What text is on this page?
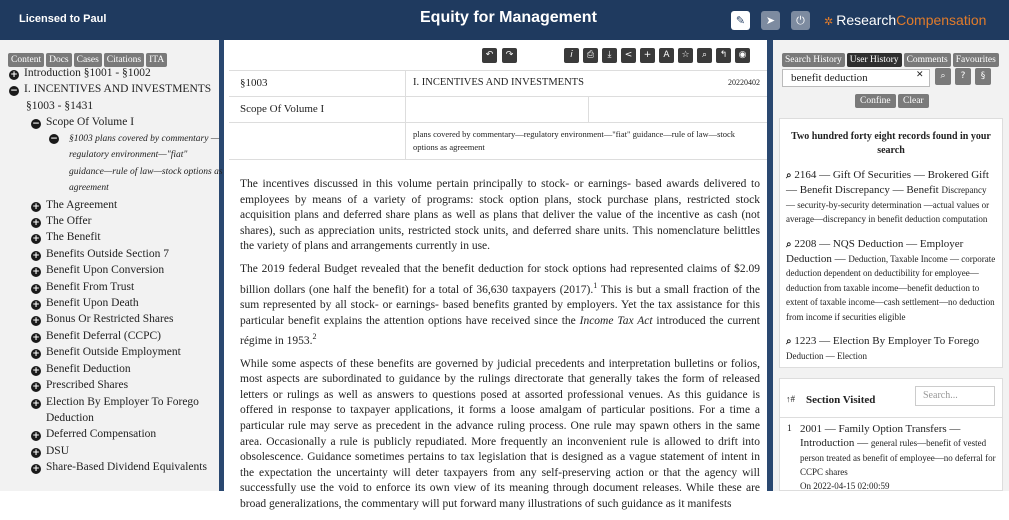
Licensed to Paul	Equity for Management	✎	➤	⏻	✲ ResearchCompensation
Content Docs Cases Citations ITA
+ Introduction §1001 - §1002
− I. INCENTIVES AND INVESTMENTS
§1003 - §1431
− Scope Of Volume I
−	§1003 plans covered by commentary —regulatory environment—"fiat" guidance—rule of law—stock options as agreement
+ The Agreement
+ The Offer
+ The Benefit
+ Benefits Outside Section 7
+ Benefit Upon Conversion
+ Benefit From Trust
+ Benefit Upon Death
+ Bonus Or Restricted Shares
+ Benefit Deferral (CCPC)
+ Benefit Outside Employment
+ Benefit Deduction
+ Prescribed Shares
+ Election By Employer To Forego Deduction
+ Deferred Compensation
+ DSU
+ Share-Based Dividend Equivalents
↶	↷	i	⎙	⤓	<	+	A	☆	⌕	↰	◉
§1003	I. INCENTIVES AND INVESTMENTS	20220402
Scope Of Volume I
plans covered by commentary—regulatory environment—"fiat" guidance—rule of law—stock options as agreement

The incentives discussed in this volume pertain principally to stock- or earnings- based awards delivered to employees by means of a variety of programs: stock option plans, stock purchase plans, restricted stock acquisition plans and deferred share plans as well as plans that deliver the value of the incentive as cash (not shares), such as appreciation units, restricted stock units, and deferred share units. This nomenclature belittles the variety of plans and arrangements currently in use.

The 2019 federal Budget revealed that the benefit deduction for stock options had represented claims of $2.09 billion dollars (one half the benefit) for a total of 36,630 taxpayers (2017).$^1$ This is but a small fraction of the sum represented by all stock- or earnings- based benefits granted by employers. Yet the tax assistance for this particular benefit explains the attention options have received since the Income Tax Act introduced the current régime in 1953.$^2$

While some aspects of these benefits are governed by judicial precedents and interpretation bulletins or folios, most aspects are subordinated to guidance by the rulings directorate that generally takes the form of released letters or rulings as well as answers to questions posed at assorted professional venues. As this guidance is offered in response to taxpayer applications, it forms a loose amalgam of particular positions. For a time a particular rule may serve as precedent in the advance ruling process. One rule may spawn others in the same area. Occasionally a rule is publicly repudiated. More frequently an inconvenient rule is allowed to drift into obsolescence. Guidance sometimes pertains to tax legislation that is designed as a vague statement of intent in the expectation the uncertainty will deter taxpayers from any self-preserving action or that the agency will successfully use the void to enforce its own view of its meaning through document releases. While these are broad generalizations, the commentary will put forward many illustrations of such guidance as it manifests

Search History User History Comments Favourites
benefit deduction	✕	⌕	?	§
Confine	Clear
Two hundred forty eight records found in your search
⌕ 2164 — Gift Of Securities — Brokered Gift — Benefit Discrepancy — Benefit Discrepancy — security-by-security determination —actual values or average—discrepancy in benefit deduction computation
⌕ 2208 — NQS Deduction — Employer Deduction — Deduction, Taxable Income — corporate deduction dependent on deductibility for employee—deduction from taxable income—benefit deduction to extent of taxable income—cash settlement—no deduction from income if securities eligible
⌕ 1223 — Election By Employer To Forego Deduction — Election
↑# Section Visited	Search...
1 2001 — Family Option Transfers — Introduction — general rules—benefit of vested person treated as benefit of employee—no deferral for CCPC shares
On 2022-04-15 02:00:59
